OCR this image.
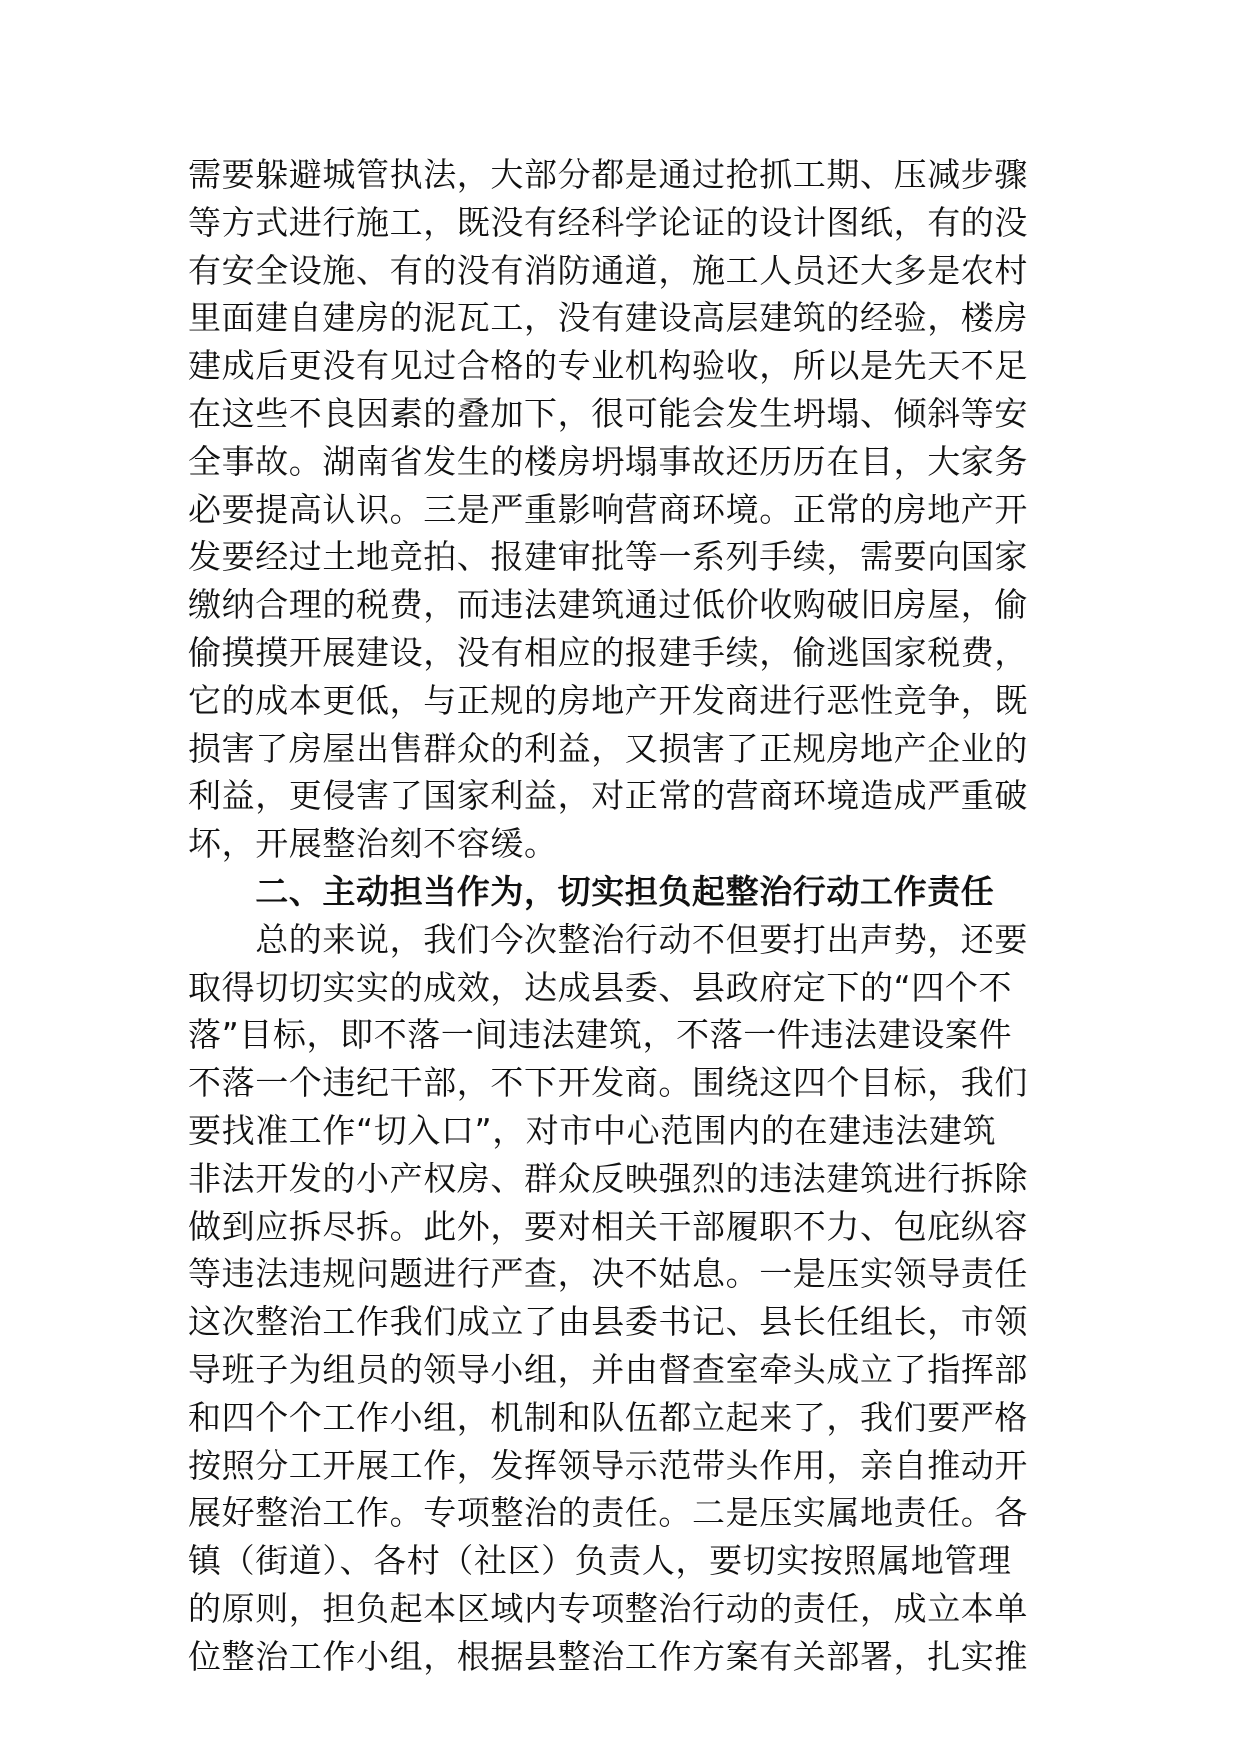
需要躲避城管执法，大部分都是通过抢抓工期、压减步骤
等方式进行施工，既没有经科学论证的设计图纸，有的没
有安全设施、有的没有消防通道，施工人员还大多是农村
里面建自建房的泥瓦工，没有建设高层建筑的经验，楼房
建成后更没有见过合格的专业机构验收，所以是先天不足
在这些不良因素的叠加下，很可能会发生坍塌、倾斜等安
全事故。湖南省发生的楼房坍塌事故还历历在目，大家务
必要提高认识。三是严重影响营商环境。正常的房地产开
发要经过土地竞拍、报建审批等一系列手续，需要向国家
缴纳合理的税费，而违法建筑通过低价收购破旧房屋，偷
偷摸摸开展建设，没有相应的报建手续，偷逃国家税费，
它的成本更低，与正规的房地产开发商进行恶性竞争，既
损害了房屋出售群众的利益，又损害了正规房地产企业的
利益，更侵害了国家利益，对正常的营商环境造成严重破
坏，开展整治刻不容缓。
　　二、主动担当作为，切实担负起整治行动工作责任
　　总的来说，我们今次整治行动不但要打出声势，还要
取得切切实实的成效，达成县委、县政府定下的“四个不
落”目标，即不落一间违法建筑，不落一件违法建设案件
不落一个违纪干部，不下开发商。围绕这四个目标，我们
要找准工作“切入口”，对市中心范围内的在建违法建筑
非法开发的小产权房、群众反映强烈的违法建筑进行拆除
做到应拆尽拆。此外，要对相关干部履职不力、包庇纵容
等违法违规问题进行严查，决不姑息。一是压实领导责任
这次整治工作我们成立了由县委书记、县长任组长，市领
导班子为组员的领导小组，并由督查室牵头成立了指挥部
和四个个工作小组，机制和队伍都立起来了，我们要严格
按照分工开展工作，发挥领导示范带头作用，亲自推动开
展好整治工作。专项整治的责任。二是压实属地责任。各
镇（街道）、各村（社区）负责人，要切实按照属地管理
的原则，担负起本区域内专项整治行动的责任，成立本单
位整治工作小组，根据县整治工作方案有关部署，扎实推
